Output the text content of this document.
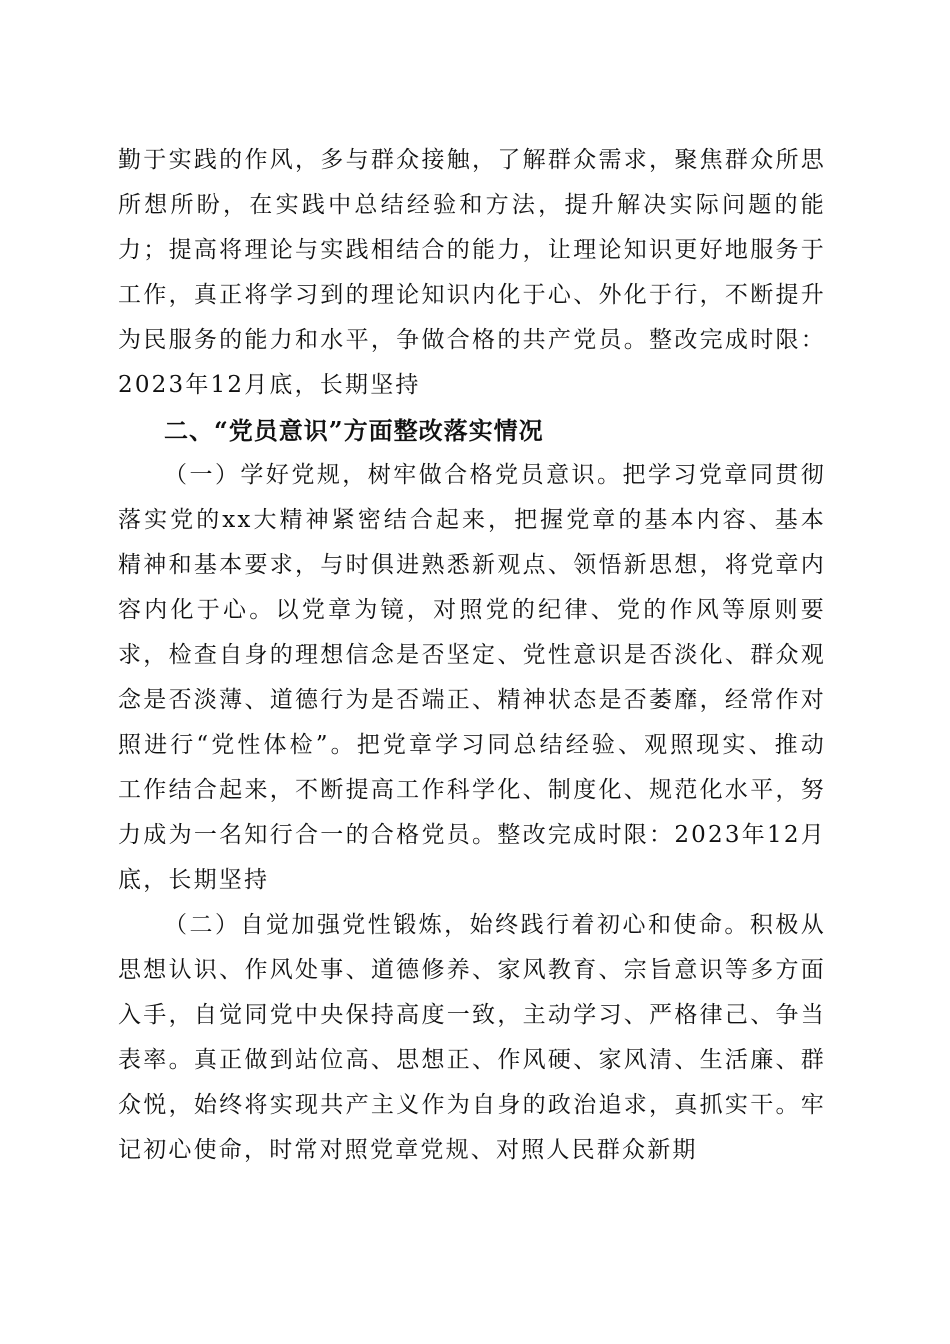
勤于实践的作风，多与群众接触，了解群众需求，聚焦群众所思所想所盼，在实践中总结经验和方法，提升解决实际问题的能力；提高将理论与实践相结合的能力，让理论知识更好地服务于工作，真正将学习到的理论知识内化于心、外化于行，不断提升为民服务的能力和水平，争做合格的共产党员。整改完成时限：2023年12月底，长期坚持

二、“党员意识”方面整改落实情况

（一）学好党规，树牢做合格党员意识。把学习党章同贯彻落实党的xx大精神紧密结合起来，把握党章的基本内容、基本精神和基本要求，与时俱进熟悉新观点、领悟新思想，将党章内容内化于心。以党章为镜，对照党的纪律、党的作风等原则要求，检查自身的理想信念是否坚定、党性意识是否淡化、群众观念是否淡薄、道德行为是否端正、精神状态是否萎靡，经常作对照进行“党性体检”。把党章学习同总结经验、观照现实、推动工作结合起来，不断提高工作科学化、制度化、规范化水平，努力成为一名知行合一的合格党员。整改完成时限：2023年12月底，长期坚持

（二）自觉加强党性锻炼，始终践行着初心和使命。积极从思想认识、作风处事、道德修养、家风教育、宗旨意识等多方面入手，自觉同党中央保持高度一致，主动学习、严格律己、争当表率。真正做到站位高、思想正、作风硬、家风清、生活廉、群众悦，始终将实现共产主义作为自身的政治追求，真抓实干。牢记初心使命，时常对照党章党规、对照人民群众新期
